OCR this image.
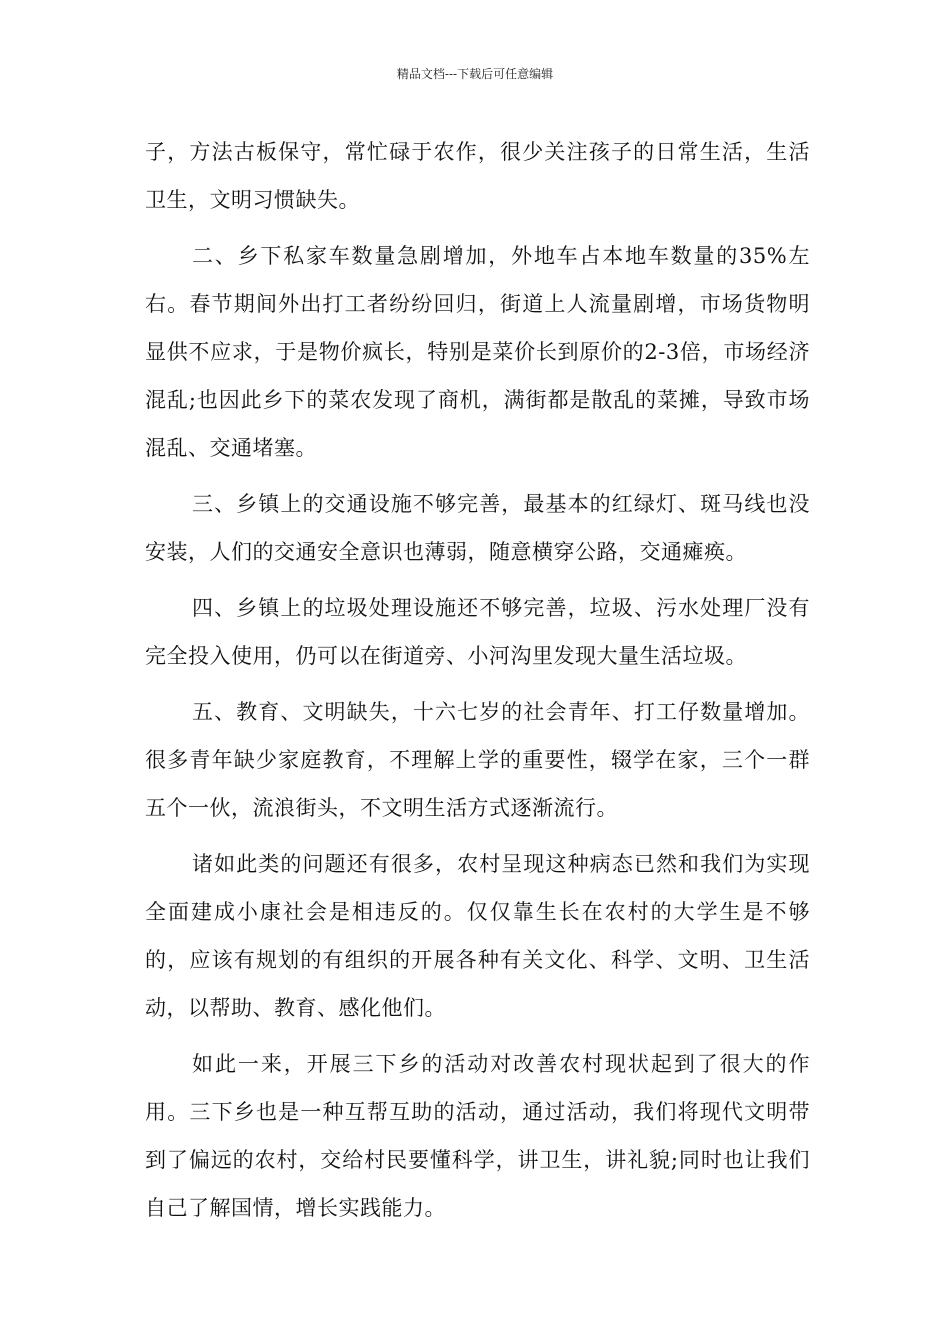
精品文档---下载后可任意编辑

子，方法古板保守，常忙碌于农作，很少关注孩子的日常生活，生活卫生，文明习惯缺失。

二、乡下私家车数量急剧增加，外地车占本地车数量的35%左右。春节期间外出打工者纷纷回归，街道上人流量剧增，市场货物明显供不应求，于是物价疯长，特别是菜价长到原价的2-3倍，市场经济混乱;也因此乡下的菜农发现了商机，满街都是散乱的菜摊，导致市场混乱、交通堵塞。

三、乡镇上的交通设施不够完善，最基本的红绿灯、斑马线也没安装，人们的交通安全意识也薄弱，随意横穿公路，交通瘫痪。

四、乡镇上的垃圾处理设施还不够完善，垃圾、污水处理厂没有完全投入使用，仍可以在街道旁、小河沟里发现大量生活垃圾。

五、教育、文明缺失，十六七岁的社会青年、打工仔数量增加。很多青年缺少家庭教育，不理解上学的重要性，辍学在家，三个一群五个一伙，流浪街头，不文明生活方式逐渐流行。

诸如此类的问题还有很多，农村呈现这种病态已然和我们为实现全面建成小康社会是相违反的。仅仅靠生长在农村的大学生是不够的，应该有规划的有组织的开展各种有关文化、科学、文明、卫生活动，以帮助、教育、感化他们。

如此一来，开展三下乡的活动对改善农村现状起到了很大的作用。三下乡也是一种互帮互助的活动，通过活动，我们将现代文明带到了偏远的农村，交给村民要懂科学，讲卫生，讲礼貌;同时也让我们自己了解国情，增长实践能力。
